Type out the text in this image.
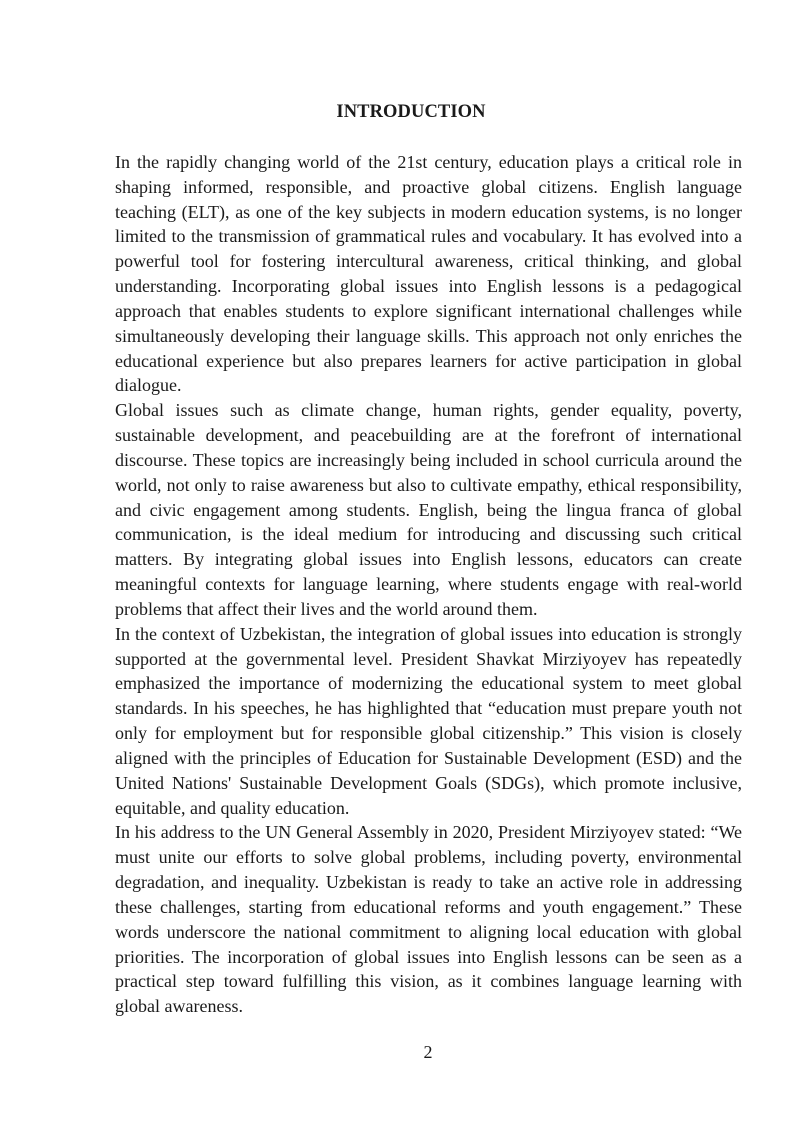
INTRODUCTION

In the rapidly changing world of the 21st century, education plays a critical role in shaping informed, responsible, and proactive global citizens. English language teaching (ELT), as one of the key subjects in modern education systems, is no longer limited to the transmission of grammatical rules and vocabulary. It has evolved into a powerful tool for fostering intercultural awareness, critical thinking, and global understanding. Incorporating global issues into English lessons is a pedagogical approach that enables students to explore significant international challenges while simultaneously developing their language skills. This approach not only enriches the educational experience but also prepares learners for active participation in global dialogue.

Global issues such as climate change, human rights, gender equality, poverty, sustainable development, and peacebuilding are at the forefront of international discourse. These topics are increasingly being included in school curricula around the world, not only to raise awareness but also to cultivate empathy, ethical responsibility, and civic engagement among students. English, being the lingua franca of global communication, is the ideal medium for introducing and discussing such critical matters. By integrating global issues into English lessons, educators can create meaningful contexts for language learning, where students engage with real-world problems that affect their lives and the world around them.

In the context of Uzbekistan, the integration of global issues into education is strongly supported at the governmental level. President Shavkat Mirziyoyev has repeatedly emphasized the importance of modernizing the educational system to meet global standards. In his speeches, he has highlighted that “education must prepare youth not only for employment but for responsible global citizenship.” This vision is closely aligned with the principles of Education for Sustainable Development (ESD) and the United Nations' Sustainable Development Goals (SDGs), which promote inclusive, equitable, and quality education.

In his address to the UN General Assembly in 2020, President Mirziyoyev stated: “We must unite our efforts to solve global problems, including poverty, environmental degradation, and inequality. Uzbekistan is ready to take an active role in addressing these challenges, starting from educational reforms and youth engagement.” These words underscore the national commitment to aligning local education with global priorities. The incorporation of global issues into English lessons can be seen as a practical step toward fulfilling this vision, as it combines language learning with global awareness.

2
